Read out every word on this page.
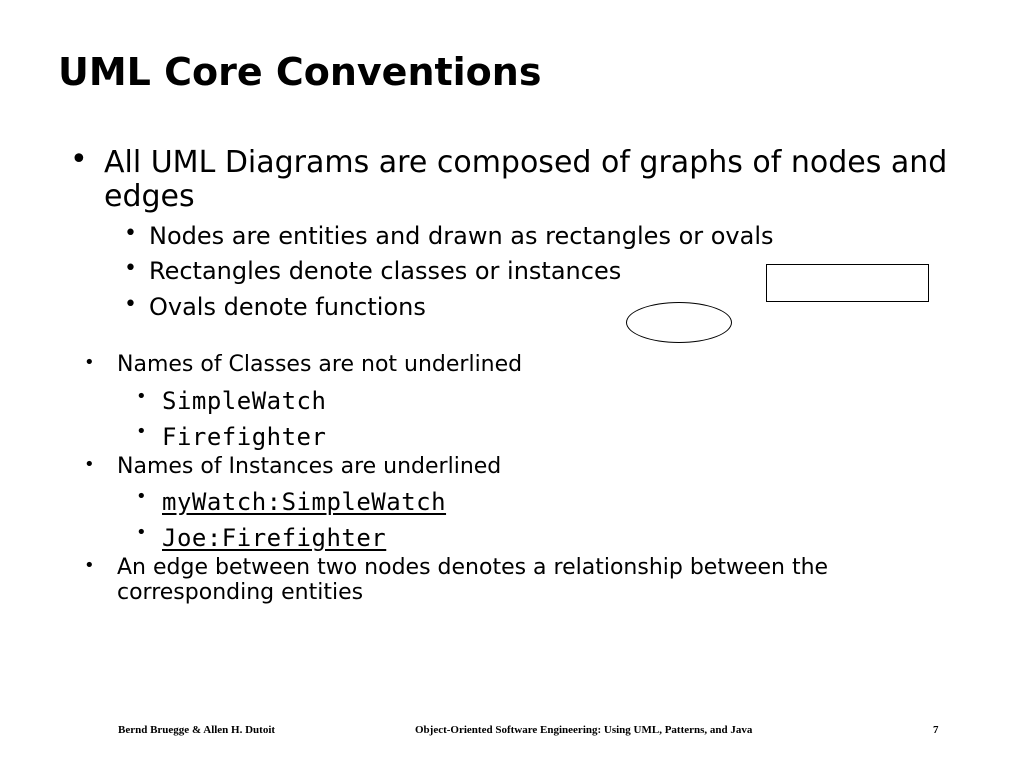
UML Core Conventions
• All UML Diagrams are composed of graphs of nodes and edges
• Nodes are entities and drawn as rectangles or ovals
• Rectangles denote classes or instances
• Ovals denote functions
• Names of Classes are not underlined
• SimpleWatch
• Firefighter
• Names of Instances are underlined
• myWatch:SimpleWatch
• Joe:Firefighter
• An edge between two nodes denotes a relationship between the corresponding entities
Bernd Bruegge & Allen H. Dutoit	Object-Oriented Software Engineering: Using UML, Patterns, and Java	7
